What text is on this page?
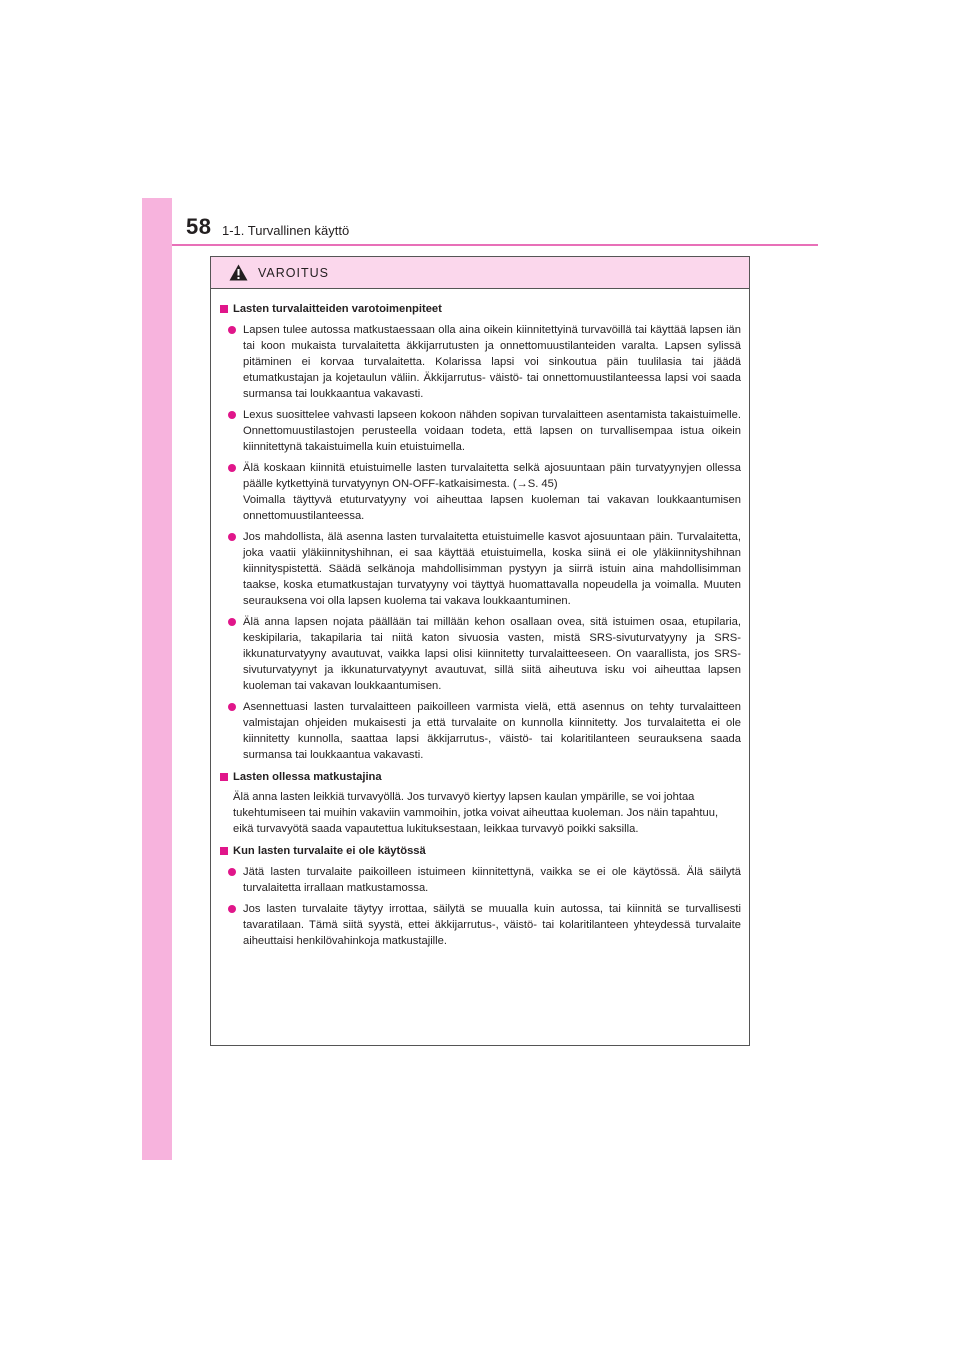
58 1-1. Turvallinen käyttö
VAROITUS
Lasten turvalaitteiden varotoimenpiteet
Lapsen tulee autossa matkustaessaan olla aina oikein kiinnitettyinä turvavöillä tai käyttää lapsen iän tai koon mukaista turvalaitetta äkkijarrutusten ja onnettomuustilanteiden varalta. Lapsen sylissä pitäminen ei korvaa turvalaitetta. Kolarissa lapsi voi sinkoutua päin tuulilasia tai jäädä etumatkustajan ja kojetaulun väliin. Äkkijarrutus- väistö- tai onnettomuustilanteessa lapsi voi saada surmansa tai loukkaantua vakavasti.
Lexus suosittelee vahvasti lapseen kokoon nähden sopivan turvalaitteen asentamista takaistuimelle. Onnettomuustilastojen perusteella voidaan todeta, että lapsen on turvallisempaa istua oikein kiinnitettynä takaistuimella kuin etuistuimella.
Älä koskaan kiinnitä etuistuimelle lasten turvalaitetta selkä ajosuuntaan päin turvatyynyjen ollessa päälle kytkettyinä turvatyynyn ON-OFF-katkaisimesta. (→S. 45)
Voimalla täyttyvä etuturvatyyny voi aiheuttaa lapsen kuoleman tai vakavan loukkaantumisen onnettomuustilanteessa.
Jos mahdollista, älä asenna lasten turvalaitetta etuistuimelle kasvot ajosuuntaan päin. Turvalaitetta, joka vaatii yläkiinnityshihnan, ei saa käyttää etuistuimella, koska siinä ei ole yläkiinnityshihnan kiinnityspistettä. Säädä selkänoja mahdollisimman pystyyn ja siirrä istuin aina mahdollisimman taakse, koska etumatkustajan turvatyyny voi täyttyä huomattavalla nopeudella ja voimalla. Muuten seurauksena voi olla lapsen kuolema tai vakava loukkaantuminen.
Älä anna lapsen nojata päällään tai millään kehon osallaan ovea, sitä istuimen osaa, etupilaria, keskipilaria, takapilaria tai niitä katon sivuosia vasten, mistä SRS-sivuturvatyyny ja SRS-ikkunaturvatyyny avautuvat, vaikka lapsi olisi kiinnitetty turvalaitteeseen. On vaarallista, jos SRS-sivuturvatyynyt ja ikkunaturvatyynyt avautuvat, sillä siitä aiheutuva isku voi aiheuttaa lapsen kuoleman tai vakavan loukkaantumisen.
Asennettuasi lasten turvalaitteen paikoilleen varmista vielä, että asennus on tehty turvalaitteen valmistajan ohjeiden mukaisesti ja että turvalaite on kunnolla kiinnitetty. Jos turvalaitetta ei ole kiinnitetty kunnolla, saattaa lapsi äkkijarrutus-, väistö- tai kolaritilanteen seurauksena saada surmansa tai loukkaantua vakavasti.
Lasten ollessa matkustajina
Älä anna lasten leikkiä turvavyöllä. Jos turvavyö kiertyy lapsen kaulan ympärille, se voi johtaa tukehtumiseen tai muihin vakaviin vammoihin, jotka voivat aiheuttaa kuoleman. Jos näin tapahtuu, eikä turvavyötä saada vapautettua lukituksestaan, leikkaa turvavyö poikki saksilla.
Kun lasten turvalaite ei ole käytössä
Jätä lasten turvalaite paikoilleen istuimeen kiinnitettynä, vaikka se ei ole käytössä. Älä säilytä turvalaitetta irrallaan matkustamossa.
Jos lasten turvalaite täytyy irrottaa, säilytä se muualla kuin autossa, tai kiinnitä se turvallisesti tavaratilaan. Tämä siitä syystä, ettei äkkijarrutus-, väistö- tai kolaritilanteen yhteydessä turvalaite aiheuttaisi henkilövahinkoja matkustajille.
